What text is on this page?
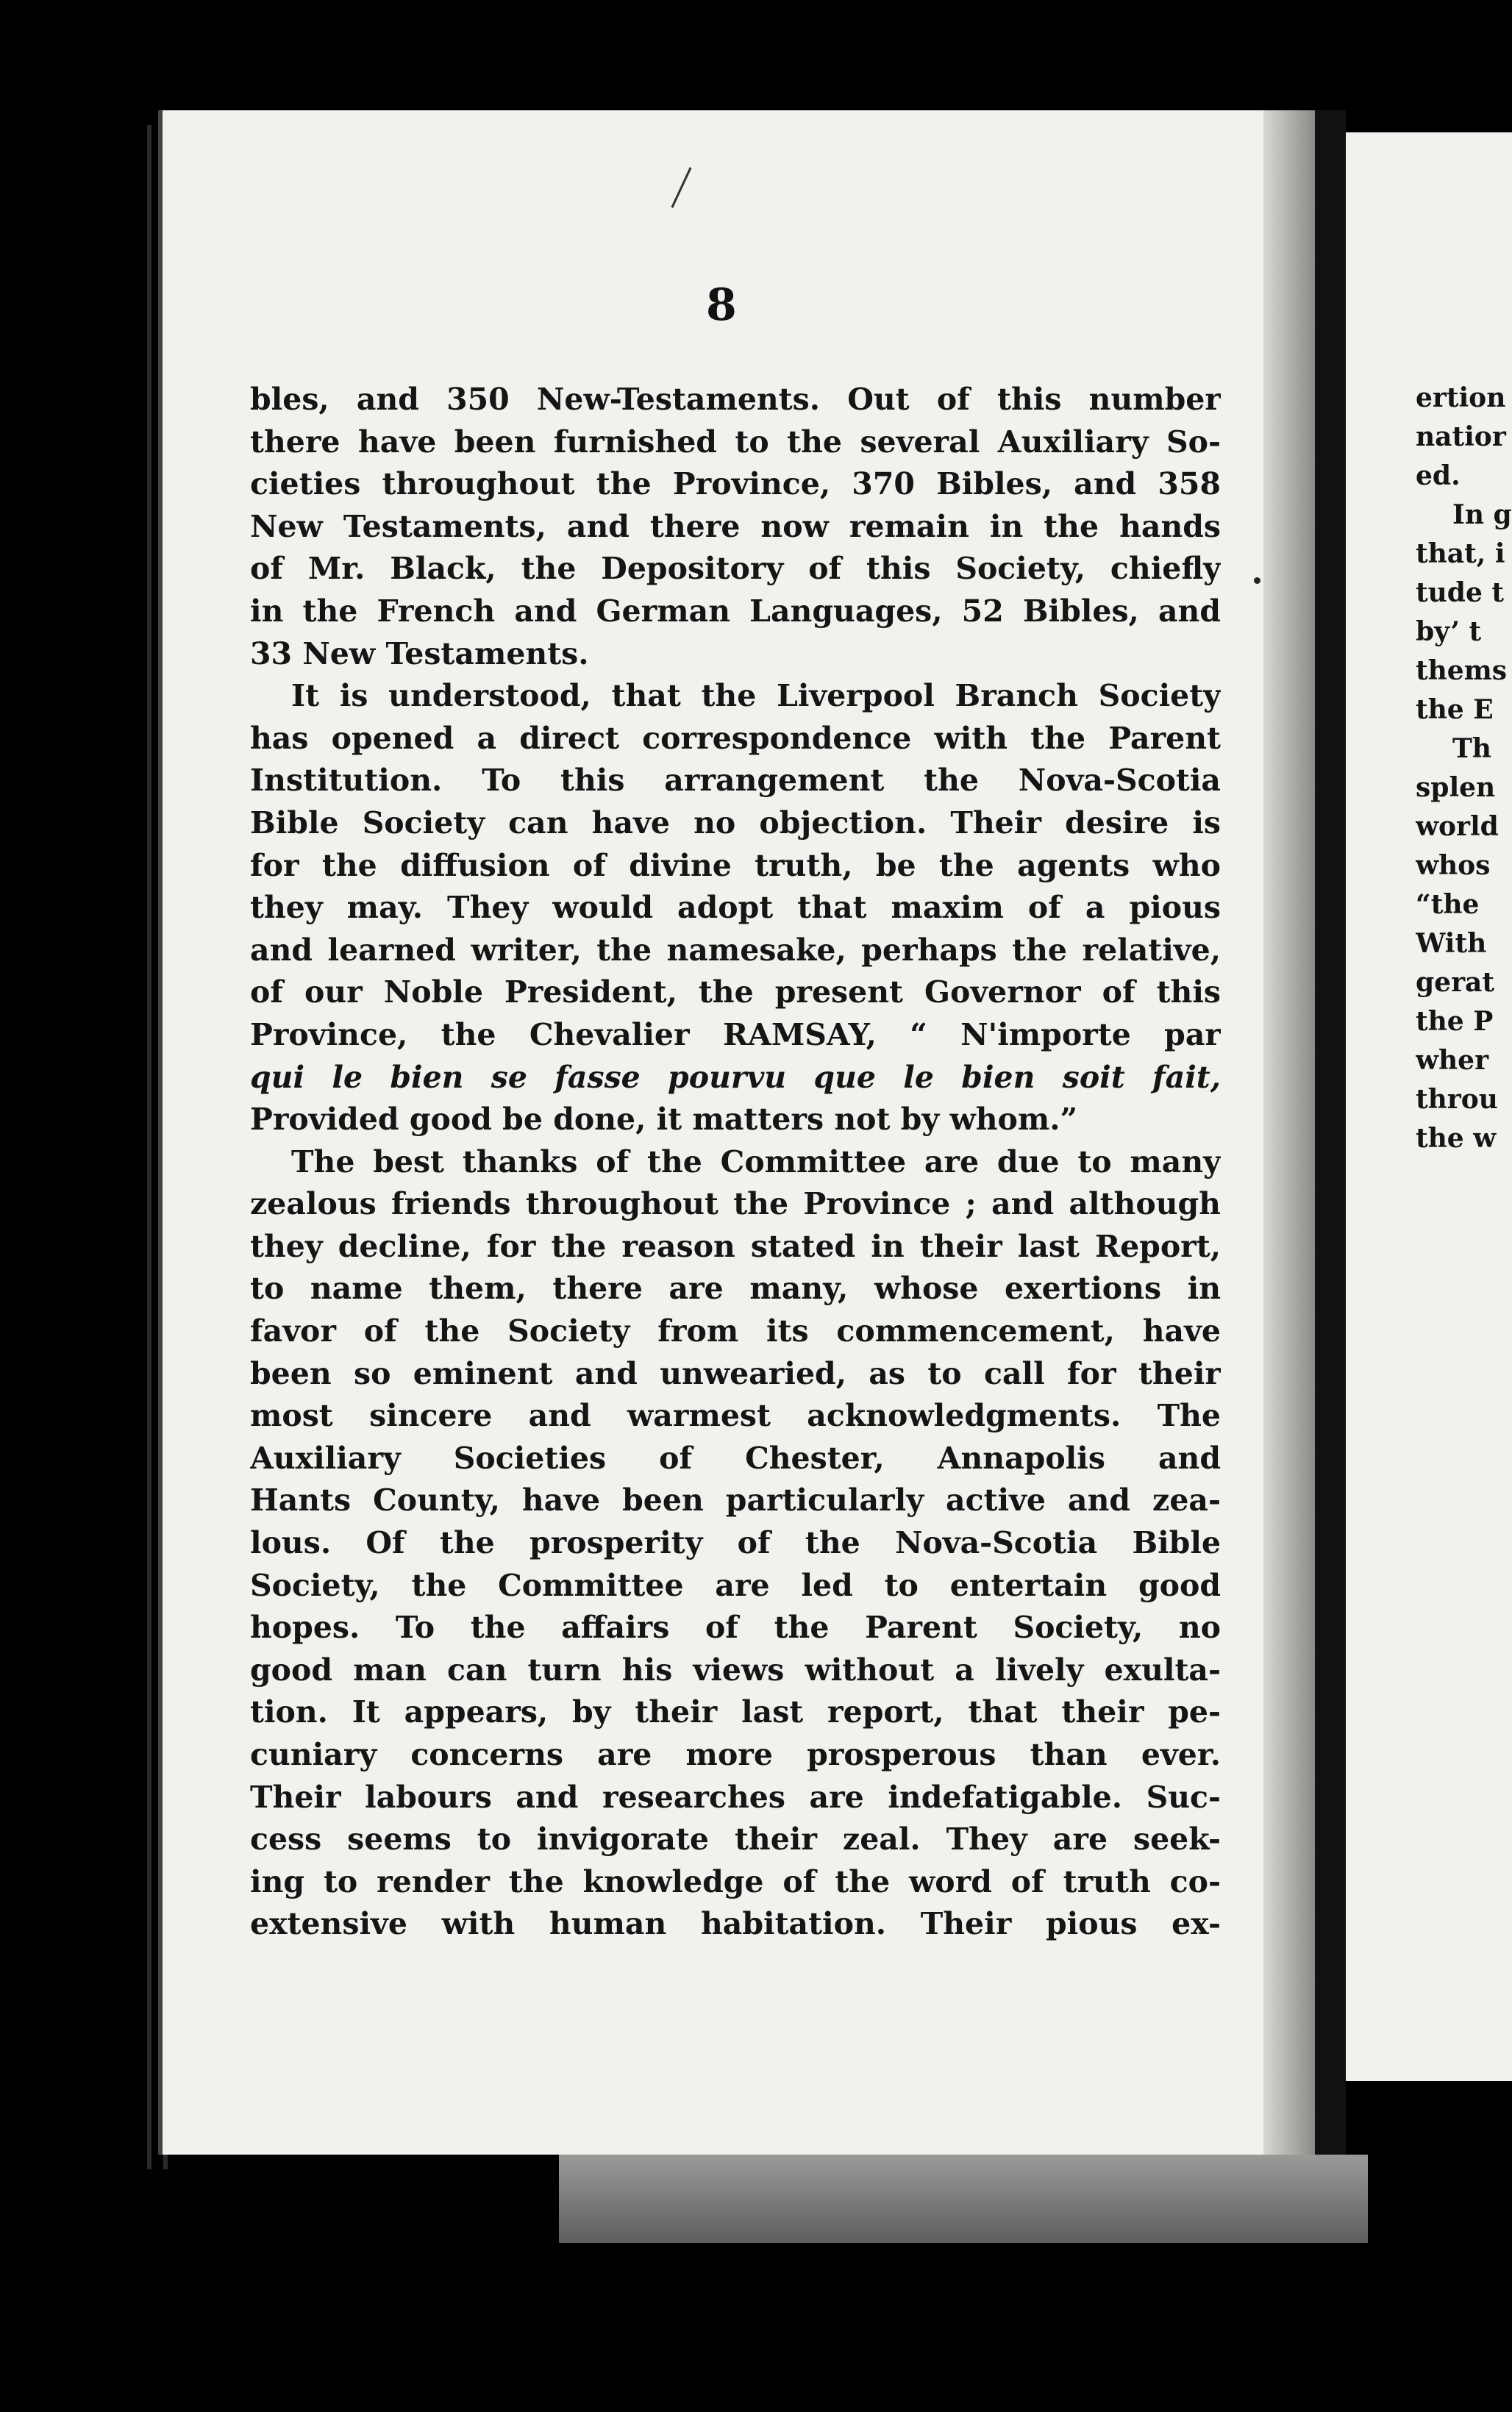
8
bles, and 350 New-Testaments. Out of this number
there have been furnished to the several Auxiliary So-
cieties throughout the Province, 370 Bibles, and 358
New Testaments, and there now remain in the hands
of Mr. Black, the Depository of this Society, chiefly
in the French and German Languages, 52 Bibles, and
33 New Testaments.
It is understood, that the Liverpool Branch Society
has opened a direct correspondence with the Parent
Institution. To this arrangement the Nova-Scotia
Bible Society can have no objection. Their desire is
for the diffusion of divine truth, be the agents who
they may. They would adopt that maxim of a pious
and learned writer, the namesake, perhaps the relative,
of our Noble President, the present Governor of this
Province, the Chevalier RAMSAY, “ N'importe par
qui le bien se fasse pourvu que le bien soit fait,
Provided good be done, it matters not by whom.”
The best thanks of the Committee are due to many
zealous friends throughout the Province ; and although
they decline, for the reason stated in their last Report,
to name them, there are many, whose exertions in
favor of the Society from its commencement, have
been so eminent and unwearied, as to call for their
most sincere and warmest acknowledgments. The
Auxiliary Societies of Chester, Annapolis and
Hants County, have been particularly active and zea-
lous. Of the prosperity of the Nova-Scotia Bible
Society, the Committee are led to entertain good
hopes. To the affairs of the Parent Society, no
good man can turn his views without a lively exulta-
tion. It appears, by their last report, that their pe-
cuniary concerns are more prosperous than ever.
Their labours and researches are indefatigable. Suc-
cess seems to invigorate their zeal. They are seek-
ing to render the knowledge of the word of truth co-
extensive with human habitation. Their pious ex-
ertion
natior
ed.
In g
that, i
tude t
by’ t
thems
the E
Th
splen
world
whos
“the
With
gerat
the P
wher
throu
the w
